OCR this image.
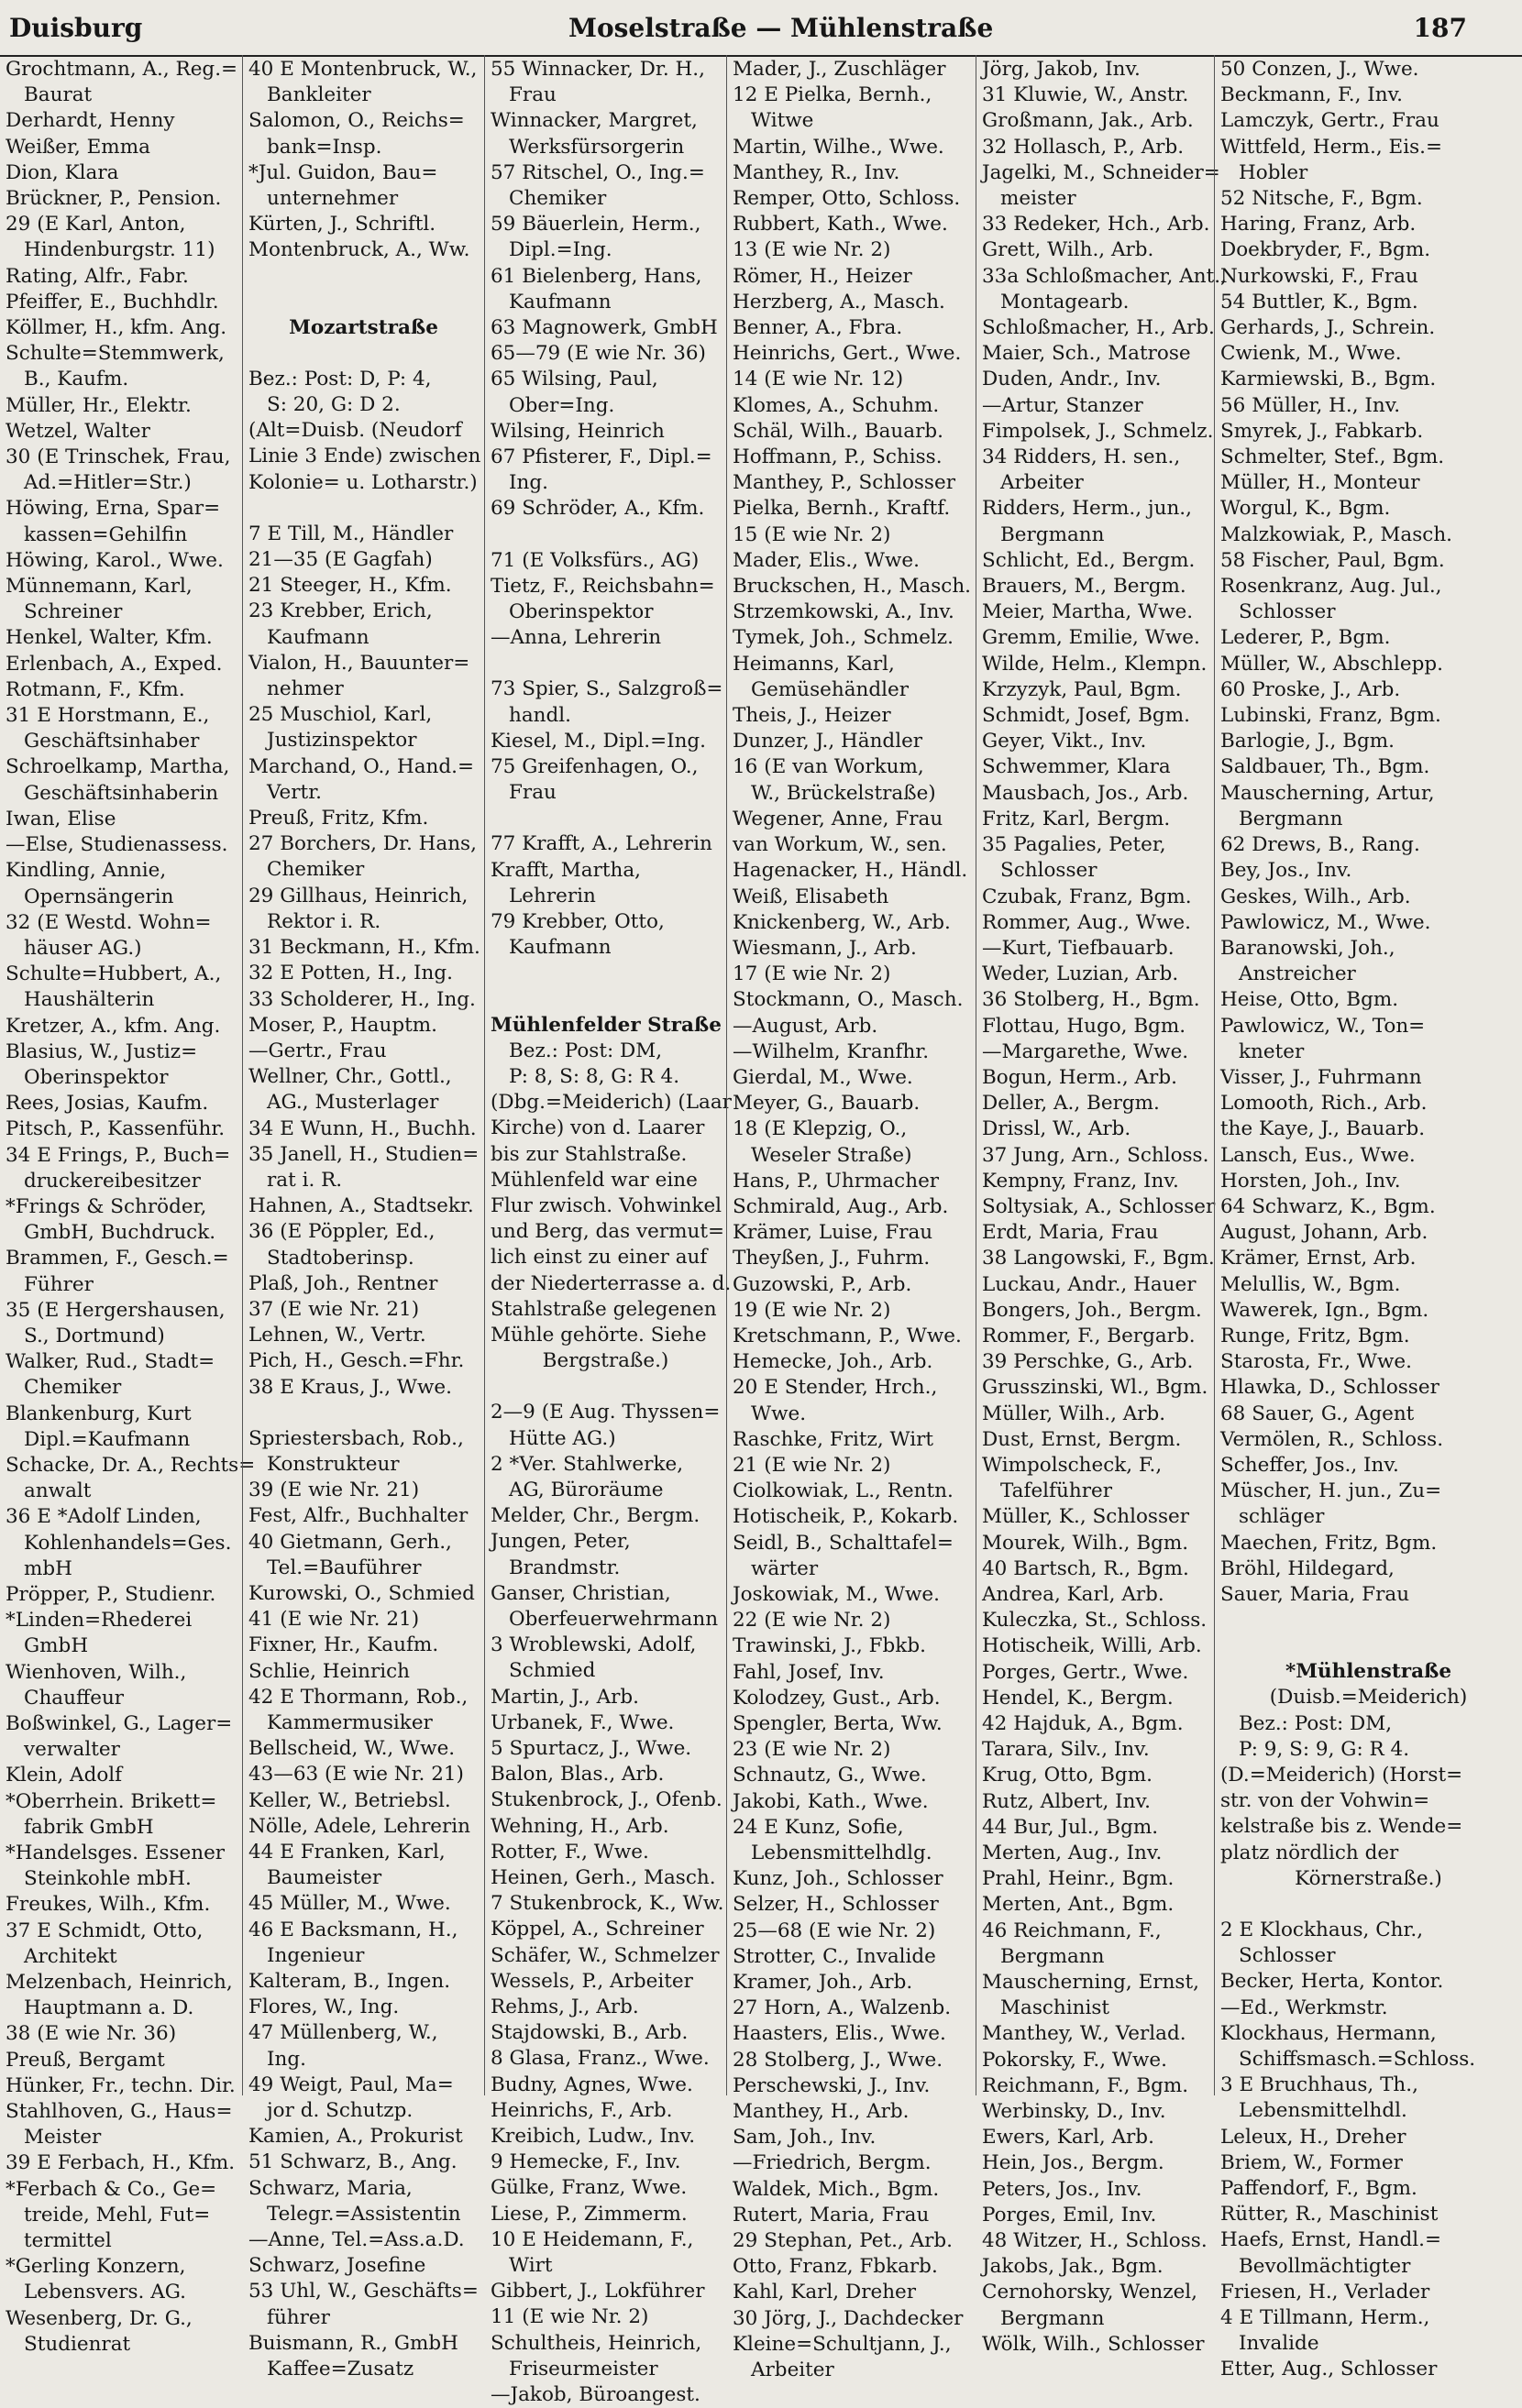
Duisburg	Moselstraße — Mühlenstraße	187
Grochtmann, A., Reg.=
Baurat
Derhardt, Henny
Weißer, Emma
Dion, Klara
Brückner, P., Pension.
29 (E Karl, Anton,
Hindenburgstr. 11)
Rating, Alfr., Fabr.
Pfeiffer, E., Buchhdlr.
Köllmer, H., kfm. Ang.
Schulte=Stemmwerk,
B., Kaufm.
Müller, Hr., Elektr.
Wetzel, Walter
30 (E Trinschek, Frau,
Ad.=Hitler=Str.)
Höwing, Erna, Spar=
kassen=Gehilfin
Höwing, Karol., Wwe.
Münnemann, Karl,
Schreiner
Henkel, Walter, Kfm.
Erlenbach, A., Exped.
Rotmann, F., Kfm.
31 E Horstmann, E.,
Geschäftsinhaber
Schroelkamp, Martha,
Geschäftsinhaberin
Iwan, Elise
—Else, Studienassess.
Kindling, Annie,
Opernsängerin
32 (E Westd. Wohn=
häuser AG.)
Schulte=Hubbert, A.,
Haushälterin
Kretzer, A., kfm. Ang.
Blasius, W., Justiz=
Oberinspektor
Rees, Josias, Kaufm.
Pitsch, P., Kassenführ.
34 E Frings, P., Buch=
druckereibesitzer
*Frings & Schröder,
GmbH, Buchdruck.
Brammen, F., Gesch.=
Führer
35 (E Hergershausen,
S., Dortmund)
Walker, Rud., Stadt=
Chemiker
Blankenburg, Kurt
Dipl.=Kaufmann
Schacke, Dr. A., Rechts=
anwalt
36 E *Adolf Linden,
Kohlenhandels=Ges.
mbH
Pröpper, P., Studienr.
*Linden=Rhederei
GmbH
Wienhoven, Wilh.,
Chauffeur
Boßwinkel, G., Lager=
verwalter
Klein, Adolf
*Oberrhein. Brikett=
fabrik GmbH
*Handelsges. Essener
Steinkohle mbH.
Freukes, Wilh., Kfm.
37 E Schmidt, Otto,
Architekt
Melzenbach, Heinrich,
Hauptmann a. D.
38 (E wie Nr. 36)
Preuß, Bergamt
Hünker, Fr., techn. Dir.
Stahlhoven, G., Haus=
Meister
39 E Ferbach, H., Kfm.
*Ferbach & Co., Ge=
treide, Mehl, Fut=
termittel
*Gerling Konzern,
Lebensvers. AG.
Wesenberg, Dr. G.,
Studienrat
40 E Montenbruck, W.,
Bankleiter
Salomon, O., Reichs=
bank=Insp.
*Jul. Guidon, Bau=
unternehmer
Kürten, J., Schriftl.
Montenbruck, A., Ww.
Mozartstraße
Bez.: Post: D, P: 4,
S: 20, G: D 2.
(Alt=Duisb. (Neudorf
Linie 3 Ende) zwischen
Kolonie= u. Lotharstr.)
7 E Till, M., Händler
21—35 (E Gagfah)
21 Steeger, H., Kfm.
23 Krebber, Erich,
Kaufmann
Vialon, H., Bauunter=
nehmer
25 Muschiol, Karl,
Justizinspektor
Marchand, O., Hand.=
Vertr.
Preuß, Fritz, Kfm.
27 Borchers, Dr. Hans,
Chemiker
29 Gillhaus, Heinrich,
Rektor i. R.
31 Beckmann, H., Kfm.
32 E Potten, H., Ing.
33 Scholderer, H., Ing.
Moser, P., Hauptm.
—Gertr., Frau
Wellner, Chr., Gottl.,
AG., Musterlager
34 E Wunn, H., Buchh.
35 Janell, H., Studien=
rat i. R.
Hahnen, A., Stadtsekr.
36 (E Pöppler, Ed.,
Stadtoberinsp.
Plaß, Joh., Rentner
37 (E wie Nr. 21)
Lehnen, W., Vertr.
Pich, H., Gesch.=Fhr.
38 E Kraus, J., Wwe.
Spriestersbach, Rob.,
Konstrukteur
39 (E wie Nr. 21)
Fest, Alfr., Buchhalter
40 Gietmann, Gerh.,
Tel.=Bauführer
Kurowski, O., Schmied
41 (E wie Nr. 21)
Fixner, Hr., Kaufm.
Schlie, Heinrich
42 E Thormann, Rob.,
Kammermusiker
Bellscheid, W., Wwe.
43—63 (E wie Nr. 21)
Keller, W., Betriebsl.
Nölle, Adele, Lehrerin
44 E Franken, Karl,
Baumeister
45 Müller, M., Wwe.
46 E Backsmann, H.,
Ingenieur
Kalteram, B., Ingen.
Flores, W., Ing.
47 Müllenberg, W.,
Ing.
49 Weigt, Paul, Ma=
jor d. Schutzp.
Kamien, A., Prokurist
51 Schwarz, B., Ang.
Schwarz, Maria,
Telegr.=Assistentin
—Anne, Tel.=Ass.a.D.
Schwarz, Josefine
53 Uhl, W., Geschäfts=
führer
Buismann, R., GmbH
Kaffee=Zusatz
55 Winnacker, Dr. H.,
Frau
Winnacker, Margret,
Werksfürsorgerin
57 Ritschel, O., Ing.=
Chemiker
59 Bäuerlein, Herm.,
Dipl.=Ing.
61 Bielenberg, Hans,
Kaufmann
63 Magnowerk, GmbH
65—79 (E wie Nr. 36)
65 Wilsing, Paul,
Ober=Ing.
Wilsing, Heinrich
67 Pfisterer, F., Dipl.=
Ing.
69 Schröder, A., Kfm.
71 (E Volksfürs., AG)
Tietz, F., Reichsbahn=
Oberinspektor
—Anna, Lehrerin
73 Spier, S., Salzgroß=
handl.
Kiesel, M., Dipl.=Ing.
75 Greifenhagen, O.,
Frau
77 Krafft, A., Lehrerin
Krafft, Martha,
Lehrerin
79 Krebber, Otto,
Kaufmann
Mühlenfelder Straße
Bez.: Post: DM,
P: 8, S: 8, G: R 4.
(Dbg.=Meiderich) (Laar
Kirche) von d. Laarer
bis zur Stahlstraße.
Mühlenfeld war eine
Flur zwisch. Vohwinkel
und Berg, das vermut=
lich einst zu einer auf
der Niederterrasse a. d.
Stahlstraße gelegenen
Mühle gehörte. Siehe
Bergstraße.)
2—9 (E Aug. Thyssen=
Hütte AG.)
2 *Ver. Stahlwerke,
AG, Büroräume
Melder, Chr., Bergm.
Jungen, Peter,
Brandmstr.
Ganser, Christian,
Oberfeuerwehrmann
3 Wroblewski, Adolf,
Schmied
Martin, J., Arb.
Urbanek, F., Wwe.
5 Spurtacz, J., Wwe.
Balon, Blas., Arb.
Stukenbrock, J., Ofenb.
Wehning, H., Arb.
Rotter, F., Wwe.
Heinen, Gerh., Masch.
7 Stukenbrock, K., Ww.
Köppel, A., Schreiner
Schäfer, W., Schmelzer
Wessels, P., Arbeiter
Rehms, J., Arb.
Stajdowski, B., Arb.
8 Glasa, Franz., Wwe.
Budny, Agnes, Wwe.
Heinrichs, F., Arb.
Kreibich, Ludw., Inv.
9 Hemecke, F., Inv.
Gülke, Franz, Wwe.
Liese, P., Zimmerm.
10 E Heidemann, F.,
Wirt
Gibbert, J., Lokführer
11 (E wie Nr. 2)
Schultheis, Heinrich,
Friseurmeister
—Jakob, Büroangest.
Mader, J., Zuschläger
12 E Pielka, Bernh.,
Witwe
Martin, Wilhe., Wwe.
Manthey, R., Inv.
Remper, Otto, Schloss.
Rubbert, Kath., Wwe.
13 (E wie Nr. 2)
Römer, H., Heizer
Herzberg, A., Masch.
Benner, A., Fbra.
Heinrichs, Gert., Wwe.
14 (E wie Nr. 12)
Klomes, A., Schuhm.
Schäl, Wilh., Bauarb.
Hoffmann, P., Schiss.
Manthey, P., Schlosser
Pielka, Bernh., Kraftf.
15 (E wie Nr. 2)
Mader, Elis., Wwe.
Bruckschen, H., Masch.
Strzemkowski, A., Inv.
Tymek, Joh., Schmelz.
Heimanns, Karl,
Gemüsehändler
Theis, J., Heizer
Dunzer, J., Händler
16 (E van Workum,
W., Brückelstraße)
Wegener, Anne, Frau
van Workum, W., sen.
Hagenacker, H., Händl.
Weiß, Elisabeth
Knickenberg, W., Arb.
Wiesmann, J., Arb.
17 (E wie Nr. 2)
Stockmann, O., Masch.
—August, Arb.
—Wilhelm, Kranfhr.
Gierdal, M., Wwe.
Meyer, G., Bauarb.
18 (E Klepzig, O.,
Weseler Straße)
Hans, P., Uhrmacher
Schmirald, Aug., Arb.
Krämer, Luise, Frau
Theyßen, J., Fuhrm.
Guzowski, P., Arb.
19 (E wie Nr. 2)
Kretschmann, P., Wwe.
Hemecke, Joh., Arb.
20 E Stender, Hrch.,
Wwe.
Raschke, Fritz, Wirt
21 (E wie Nr. 2)
Ciolkowiak, L., Rentn.
Hotischeik, P., Kokarb.
Seidl, B., Schalttafel=
wärter
Joskowiak, M., Wwe.
22 (E wie Nr. 2)
Trawinski, J., Fbkb.
Fahl, Josef, Inv.
Kolodzey, Gust., Arb.
Spengler, Berta, Ww.
23 (E wie Nr. 2)
Schnautz, G., Wwe.
Jakobi, Kath., Wwe.
24 E Kunz, Sofie,
Lebensmittelhdlg.
Kunz, Joh., Schlosser
Selzer, H., Schlosser
25—68 (E wie Nr. 2)
Strotter, C., Invalide
Kramer, Joh., Arb.
27 Horn, A., Walzenb.
Haasters, Elis., Wwe.
28 Stolberg, J., Wwe.
Perschewski, J., Inv.
Manthey, H., Arb.
Sam, Joh., Inv.
—Friedrich, Bergm.
Waldek, Mich., Bgm.
Rutert, Maria, Frau
29 Stephan, Pet., Arb.
Otto, Franz, Fbkarb.
Kahl, Karl, Dreher
30 Jörg, J., Dachdecker
Kleine=Schultjann, J.,
Arbeiter
Jörg, Jakob, Inv.
31 Kluwie, W., Anstr.
Großmann, Jak., Arb.
32 Hollasch, P., Arb.
Jagelki, M., Schneider=
meister
33 Redeker, Hch., Arb.
Grett, Wilh., Arb.
33a Schloßmacher, Ant.,
Montagearb.
Schloßmacher, H., Arb.
Maier, Sch., Matrose
Duden, Andr., Inv.
—Artur, Stanzer
Fimpolsek, J., Schmelz.
34 Ridders, H. sen.,
Arbeiter
Ridders, Herm., jun.,
Bergmann
Schlicht, Ed., Bergm.
Brauers, M., Bergm.
Meier, Martha, Wwe.
Gremm, Emilie, Wwe.
Wilde, Helm., Klempn.
Krzyzyk, Paul, Bgm.
Schmidt, Josef, Bgm.
Geyer, Vikt., Inv.
Schwemmer, Klara
Mausbach, Jos., Arb.
Fritz, Karl, Bergm.
35 Pagalies, Peter,
Schlosser
Czubak, Franz, Bgm.
Rommer, Aug., Wwe.
—Kurt, Tiefbauarb.
Weder, Luzian, Arb.
36 Stolberg, H., Bgm.
Flottau, Hugo, Bgm.
—Margarethe, Wwe.
Bogun, Herm., Arb.
Deller, A., Bergm.
Drissl, W., Arb.
37 Jung, Arn., Schloss.
Kempny, Franz, Inv.
Soltysiak, A., Schlosser
Erdt, Maria, Frau
38 Langowski, F., Bgm.
Luckau, Andr., Hauer
Bongers, Joh., Bergm.
Rommer, F., Bergarb.
39 Perschke, G., Arb.
Grusszinski, Wl., Bgm.
Müller, Wilh., Arb.
Dust, Ernst, Bergm.
Wimpolscheck, F.,
Tafelführer
Müller, K., Schlosser
Mourek, Wilh., Bgm.
40 Bartsch, R., Bgm.
Andrea, Karl, Arb.
Kuleczka, St., Schloss.
Hotischeik, Willi, Arb.
Porges, Gertr., Wwe.
Hendel, K., Bergm.
42 Hajduk, A., Bgm.
Tarara, Silv., Inv.
Krug, Otto, Bgm.
Rutz, Albert, Inv.
44 Bur, Jul., Bgm.
Merten, Aug., Inv.
Prahl, Heinr., Bgm.
Merten, Ant., Bgm.
46 Reichmann, F.,
Bergmann
Mauscherning, Ernst,
Maschinist
Manthey, W., Verlad.
Pokorsky, F., Wwe.
Reichmann, F., Bgm.
Werbinsky, D., Inv.
Ewers, Karl, Arb.
Hein, Jos., Bergm.
Peters, Jos., Inv.
Porges, Emil, Inv.
48 Witzer, H., Schloss.
Jakobs, Jak., Bgm.
Cernohorsky, Wenzel,
Bergmann
Wölk, Wilh., Schlosser
50 Conzen, J., Wwe.
Beckmann, F., Inv.
Lamczyk, Gertr., Frau
Wittfeld, Herm., Eis.=
Hobler
52 Nitsche, F., Bgm.
Haring, Franz, Arb.
Doekbryder, F., Bgm.
Nurkowski, F., Frau
54 Buttler, K., Bgm.
Gerhards, J., Schrein.
Cwienk, M., Wwe.
Karmiewski, B., Bgm.
56 Müller, H., Inv.
Smyrek, J., Fabkarb.
Schmelter, Stef., Bgm.
Müller, H., Monteur
Worgul, K., Bgm.
Malzkowiak, P., Masch.
58 Fischer, Paul, Bgm.
Rosenkranz, Aug. Jul.,
Schlosser
Lederer, P., Bgm.
Müller, W., Abschlepp.
60 Proske, J., Arb.
Lubinski, Franz, Bgm.
Barlogie, J., Bgm.
Saldbauer, Th., Bgm.
Mauscherning, Artur,
Bergmann
62 Drews, B., Rang.
Bey, Jos., Inv.
Geskes, Wilh., Arb.
Pawlowicz, M., Wwe.
Baranowski, Joh.,
Anstreicher
Heise, Otto, Bgm.
Pawlowicz, W., Ton=
kneter
Visser, J., Fuhrmann
Lomooth, Rich., Arb.
the Kaye, J., Bauarb.
Lansch, Eus., Wwe.
Horsten, Joh., Inv.
64 Schwarz, K., Bgm.
August, Johann, Arb.
Krämer, Ernst, Arb.
Melullis, W., Bgm.
Wawerek, Ign., Bgm.
Runge, Fritz, Bgm.
Starosta, Fr., Wwe.
Hlawka, D., Schlosser
68 Sauer, G., Agent
Vermölen, R., Schloss.
Scheffer, Jos., Inv.
Müscher, H. jun., Zu=
schläger
Maechen, Fritz, Bgm.
Bröhl, Hildegard,
Sauer, Maria, Frau
*Mühlenstraße
(Duisb.=Meiderich)
Bez.: Post: DM,
P: 9, S: 9, G: R 4.
(D.=Meiderich) (Horst=
str. von der Vohwin=
kelstraße bis z. Wende=
platz nördlich der
Körnerstraße.)
2 E Klockhaus, Chr.,
Schlosser
Becker, Herta, Kontor.
—Ed., Werkmstr.
Klockhaus, Hermann,
Schiffsmasch.=Schloss.
3 E Bruchhaus, Th.,
Lebensmittelhdl.
Leleux, H., Dreher
Briem, W., Former
Paffendorf, F., Bgm.
Rütter, R., Maschinist
Haefs, Ernst, Handl.=
Bevollmächtigter
Friesen, H., Verlader
4 E Tillmann, Herm.,
Invalide
Etter, Aug., Schlosser
